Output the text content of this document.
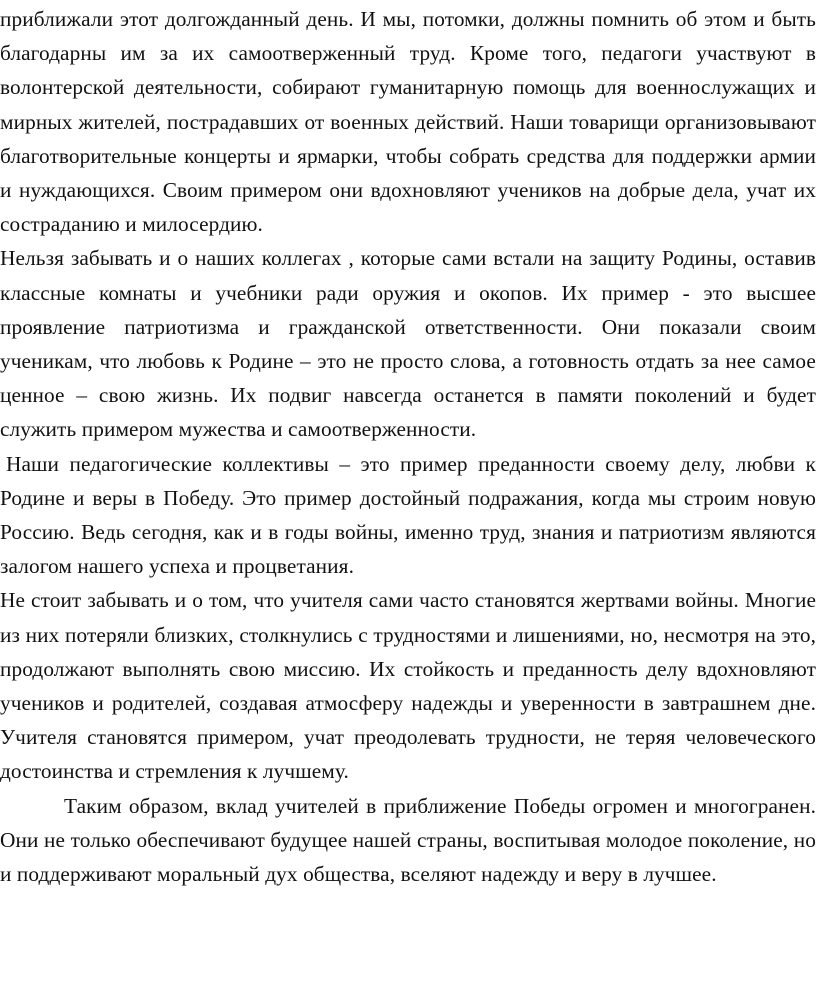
приближали этот долгожданный день. И мы, потомки, должны помнить об этом и быть благодарны им за их самоотверженный труд. Кроме того, педагоги участвуют в волонтерской деятельности, собирают гуманитарную помощь для военнослужащих и мирных жителей, пострадавших от военных действий. Наши товарищи организовывают благотворительные концерты и ярмарки, чтобы собрать средства для поддержки армии и нуждающихся. Своим примером они вдохновляют учеников на добрые дела, учат их состраданию и милосердию.

Нельзя забывать и о наших коллегах , которые сами встали на защиту Родины, оставив классные комнаты и учебники ради оружия и окопов. Их пример - это высшее проявление патриотизма и гражданской ответственности. Они показали своим ученикам, что любовь к Родине – это не просто слова, а готовность отдать за нее самое ценное – свою жизнь. Их подвиг навсегда останется в памяти поколений и будет служить примером мужества и самоотверженности.

Наши педагогические коллективы – это пример преданности своему делу, любви к Родине и веры в Победу. Это пример достойный подражания, когда мы строим новую Россию. Ведь сегодня, как и в годы войны, именно труд, знания и патриотизм являются залогом нашего успеха и процветания.

Не стоит забывать и о том, что учителя сами часто становятся жертвами войны. Многие из них потеряли близких, столкнулись с трудностями и лишениями, но, несмотря на это, продолжают выполнять свою миссию. Их стойкость и преданность делу вдохновляют учеников и родителей, создавая атмосферу надежды и уверенности в завтрашнем дне. Учителя становятся примером, учат преодолевать трудности, не теряя человеческого достоинства и стремления к лучшему.

Таким образом, вклад учителей в приближение Победы огромен и многогранен. Они не только обеспечивают будущее нашей страны, воспитывая молодое поколение, но и поддерживают моральный дух общества, вселяют надежду и веру в лучшее.
